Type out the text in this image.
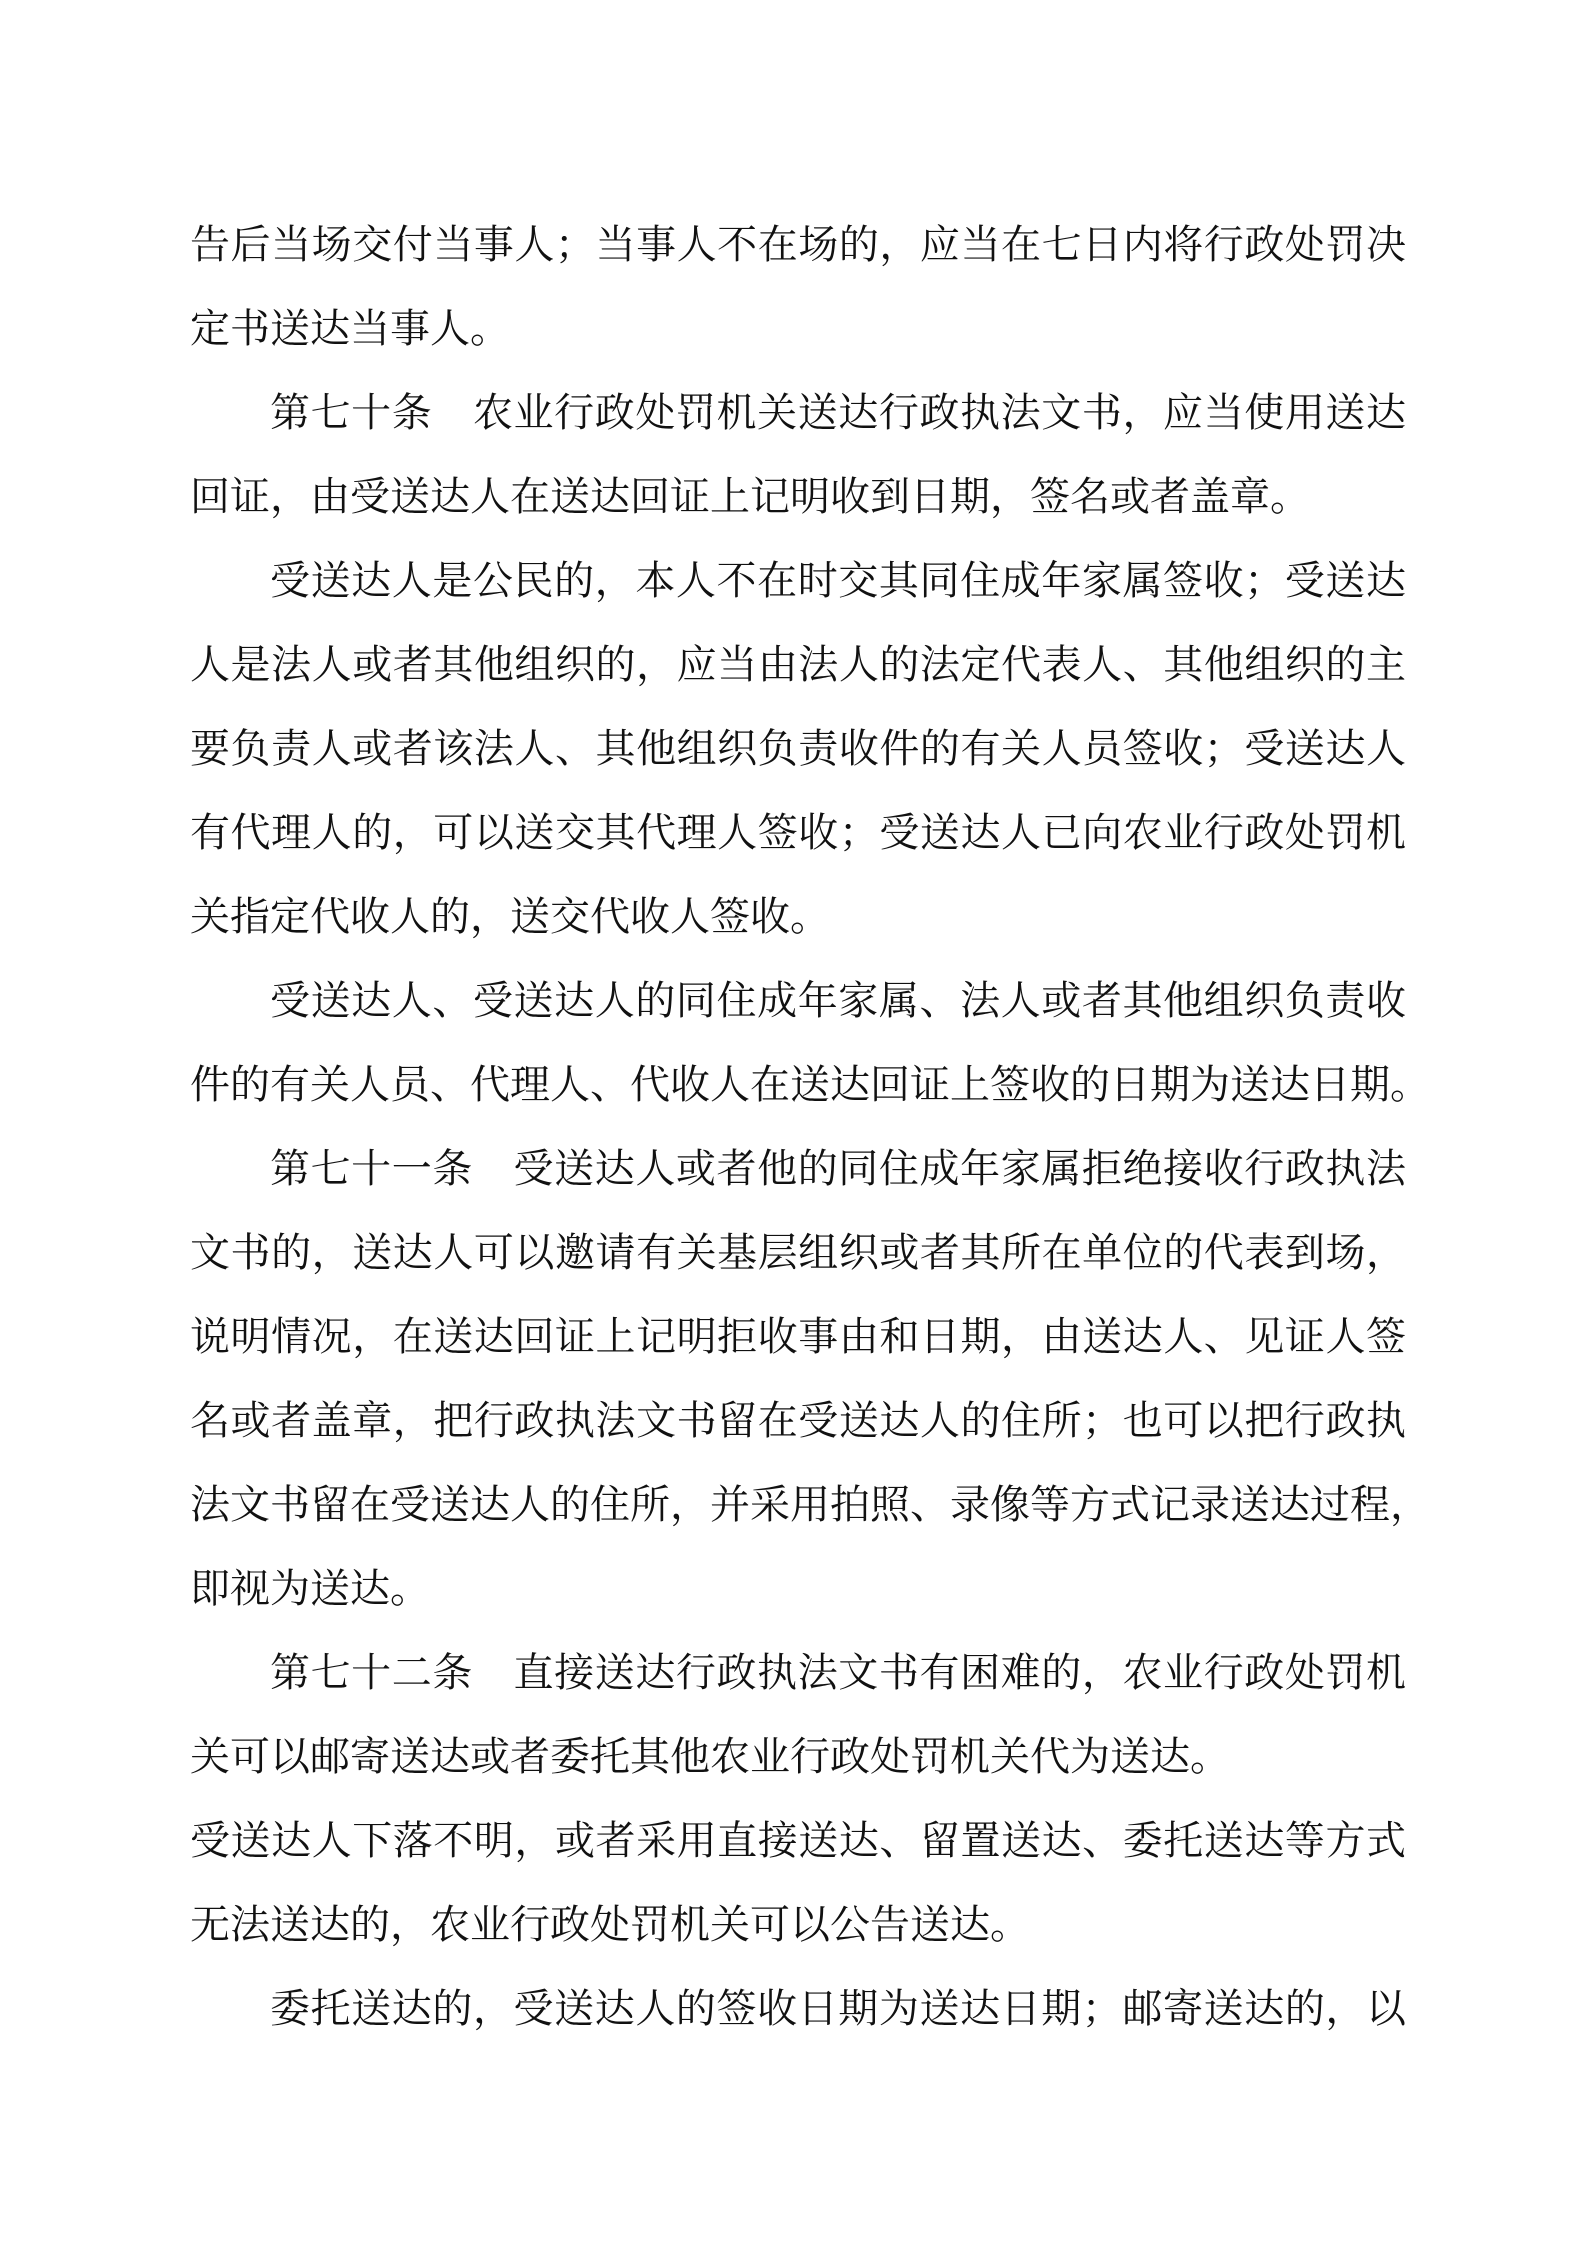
告后当场交付当事人；当事人不在场的，应当在七日内将行政处罚决
定书送达当事人。
第七十条　农业行政处罚机关送达行政执法文书，应当使用送达
回证，由受送达人在送达回证上记明收到日期，签名或者盖章。
受送达人是公民的，本人不在时交其同住成年家属签收；受送达
人是法人或者其他组织的，应当由法人的法定代表人、其他组织的主
要负责人或者该法人、其他组织负责收件的有关人员签收；受送达人
有代理人的，可以送交其代理人签收；受送达人已向农业行政处罚机
关指定代收人的，送交代收人签收。
受送达人、受送达人的同住成年家属、法人或者其他组织负责收
件的有关人员、代理人、代收人在送达回证上签收的日期为送达日期。
第七十一条　受送达人或者他的同住成年家属拒绝接收行政执法
文书的，送达人可以邀请有关基层组织或者其所在单位的代表到场，
说明情况，在送达回证上记明拒收事由和日期，由送达人、见证人签
名或者盖章，把行政执法文书留在受送达人的住所；也可以把行政执
法文书留在受送达人的住所，并采用拍照、录像等方式记录送达过程，
即视为送达。
第七十二条　直接送达行政执法文书有困难的，农业行政处罚机
关可以邮寄送达或者委托其他农业行政处罚机关代为送达。
受送达人下落不明，或者采用直接送达、留置送达、委托送达等方式
无法送达的，农业行政处罚机关可以公告送达。
委托送达的，受送达人的签收日期为送达日期；邮寄送达的，以
